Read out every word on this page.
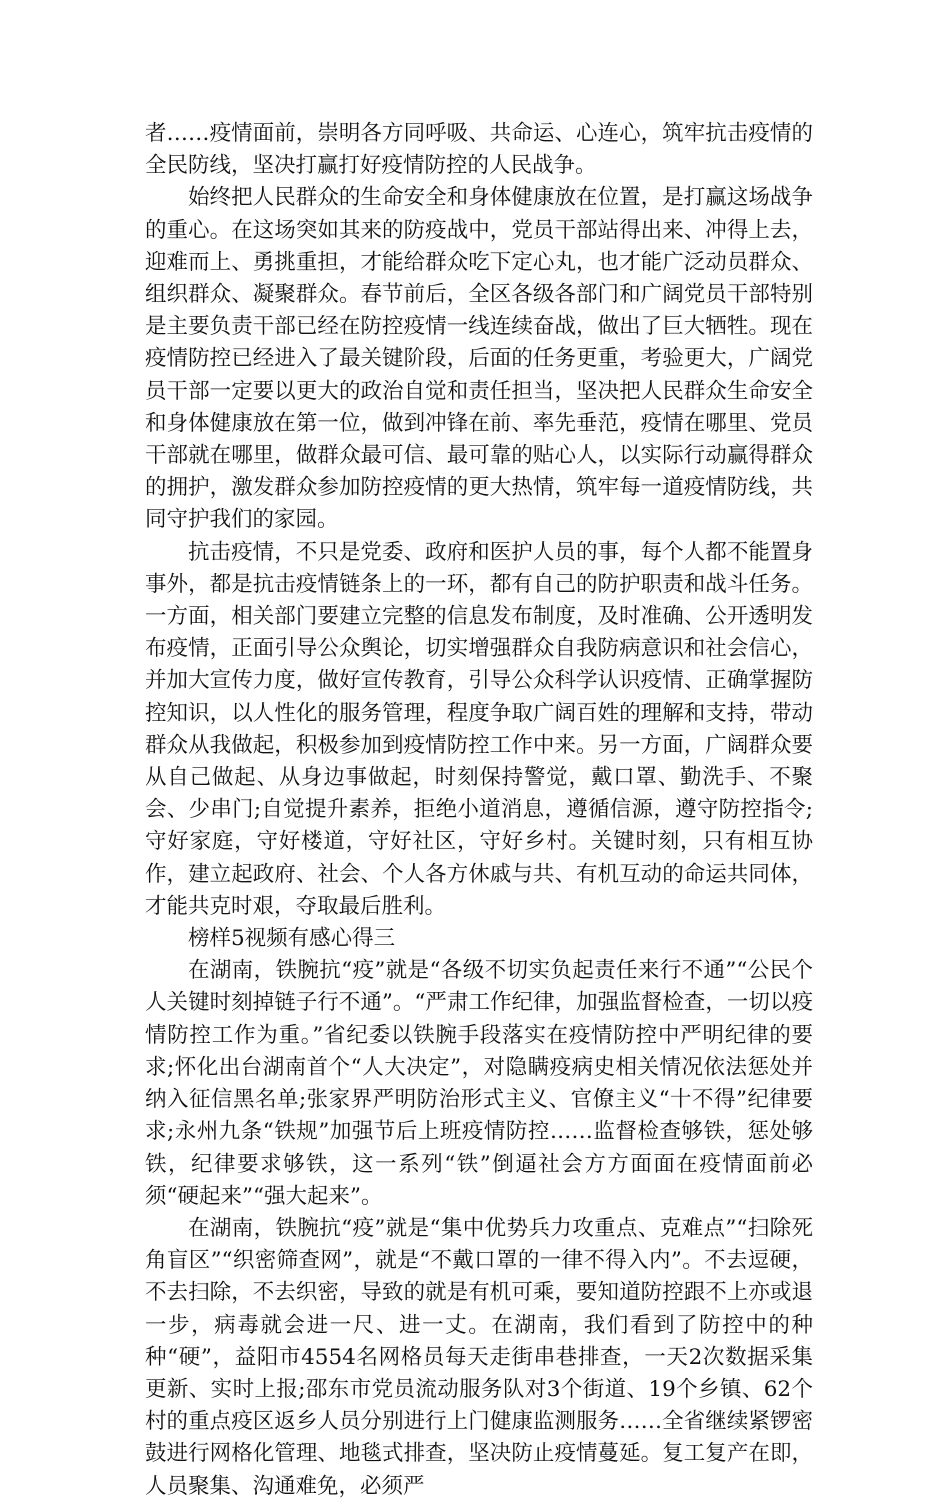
者……疫情面前，崇明各方同呼吸、共命运、心连心，筑牢抗击疫情的全民防线，坚决打赢打好疫情防控的人民战争。

始终把人民群众的生命安全和身体健康放在位置，是打赢这场战争的重心。在这场突如其来的防疫战中，党员干部站得出来、冲得上去，迎难而上、勇挑重担，才能给群众吃下定心丸，也才能广泛动员群众、组织群众、凝聚群众。春节前后，全区各级各部门和广阔党员干部特别是主要负责干部已经在防控疫情一线连续奋战，做出了巨大牺牲。现在疫情防控已经进入了最关键阶段，后面的任务更重，考验更大，广阔党员干部一定要以更大的政治自觉和责任担当，坚决把人民群众生命安全和身体健康放在第一位，做到冲锋在前、率先垂范，疫情在哪里、党员干部就在哪里，做群众最可信、最可靠的贴心人，以实际行动赢得群众的拥护，激发群众参加防控疫情的更大热情，筑牢每一道疫情防线，共同守护我们的家园。

抗击疫情，不只是党委、政府和医护人员的事，每个人都不能置身事外，都是抗击疫情链条上的一环，都有自己的防护职责和战斗任务。一方面，相关部门要建立完整的信息发布制度，及时准确、公开透明发布疫情，正面引导公众舆论，切实增强群众自我防病意识和社会信心，并加大宣传力度，做好宣传教育，引导公众科学认识疫情、正确掌握防控知识，以人性化的服务管理，程度争取广阔百姓的理解和支持，带动群众从我做起，积极参加到疫情防控工作中来。另一方面，广阔群众要从自己做起、从身边事做起，时刻保持警觉，戴口罩、勤洗手、不聚会、少串门;自觉提升素养，拒绝小道消息，遵循信源，遵守防控指令;守好家庭，守好楼道，守好社区，守好乡村。关键时刻，只有相互协作，建立起政府、社会、个人各方休戚与共、有机互动的命运共同体，才能共克时艰，夺取最后胜利。

榜样5视频有感心得三

在湖南，铁腕抗“疫”就是“各级不切实负起责任来行不通”“公民个人关键时刻掉链子行不通”。“严肃工作纪律，加强监督检查，一切以疫情防控工作为重。”省纪委以铁腕手段落实在疫情防控中严明纪律的要求;怀化出台湖南首个“人大决定”，对隐瞒疫病史相关情况依法惩处并纳入征信黑名单;张家界严明防治形式主义、官僚主义“十不得”纪律要求;永州九条“铁规”加强节后上班疫情防控……监督检查够铁，惩处够铁，纪律要求够铁，这一系列“铁”倒逼社会方方面面在疫情面前必须“硬起来”“强大起来”。

在湖南，铁腕抗“疫”就是“集中优势兵力攻重点、克难点”“扫除死角盲区”“织密筛查网”，就是“不戴口罩的一律不得入内”。不去逗硬，不去扫除，不去织密，导致的就是有机可乘，要知道防控跟不上亦或退一步，病毒就会进一尺、进一丈。在湖南，我们看到了防控中的种种“硬”，益阳市4554名网格员每天走街串巷排查，一天2次数据采集更新、实时上报;邵东市党员流动服务队对3个街道、19个乡镇、62个村的重点疫区返乡人员分别进行上门健康监测服务……全省继续紧锣密鼓进行网格化管理、地毯式排查，坚决防止疫情蔓延。复工复产在即，人员聚集、沟通难免，必须严
